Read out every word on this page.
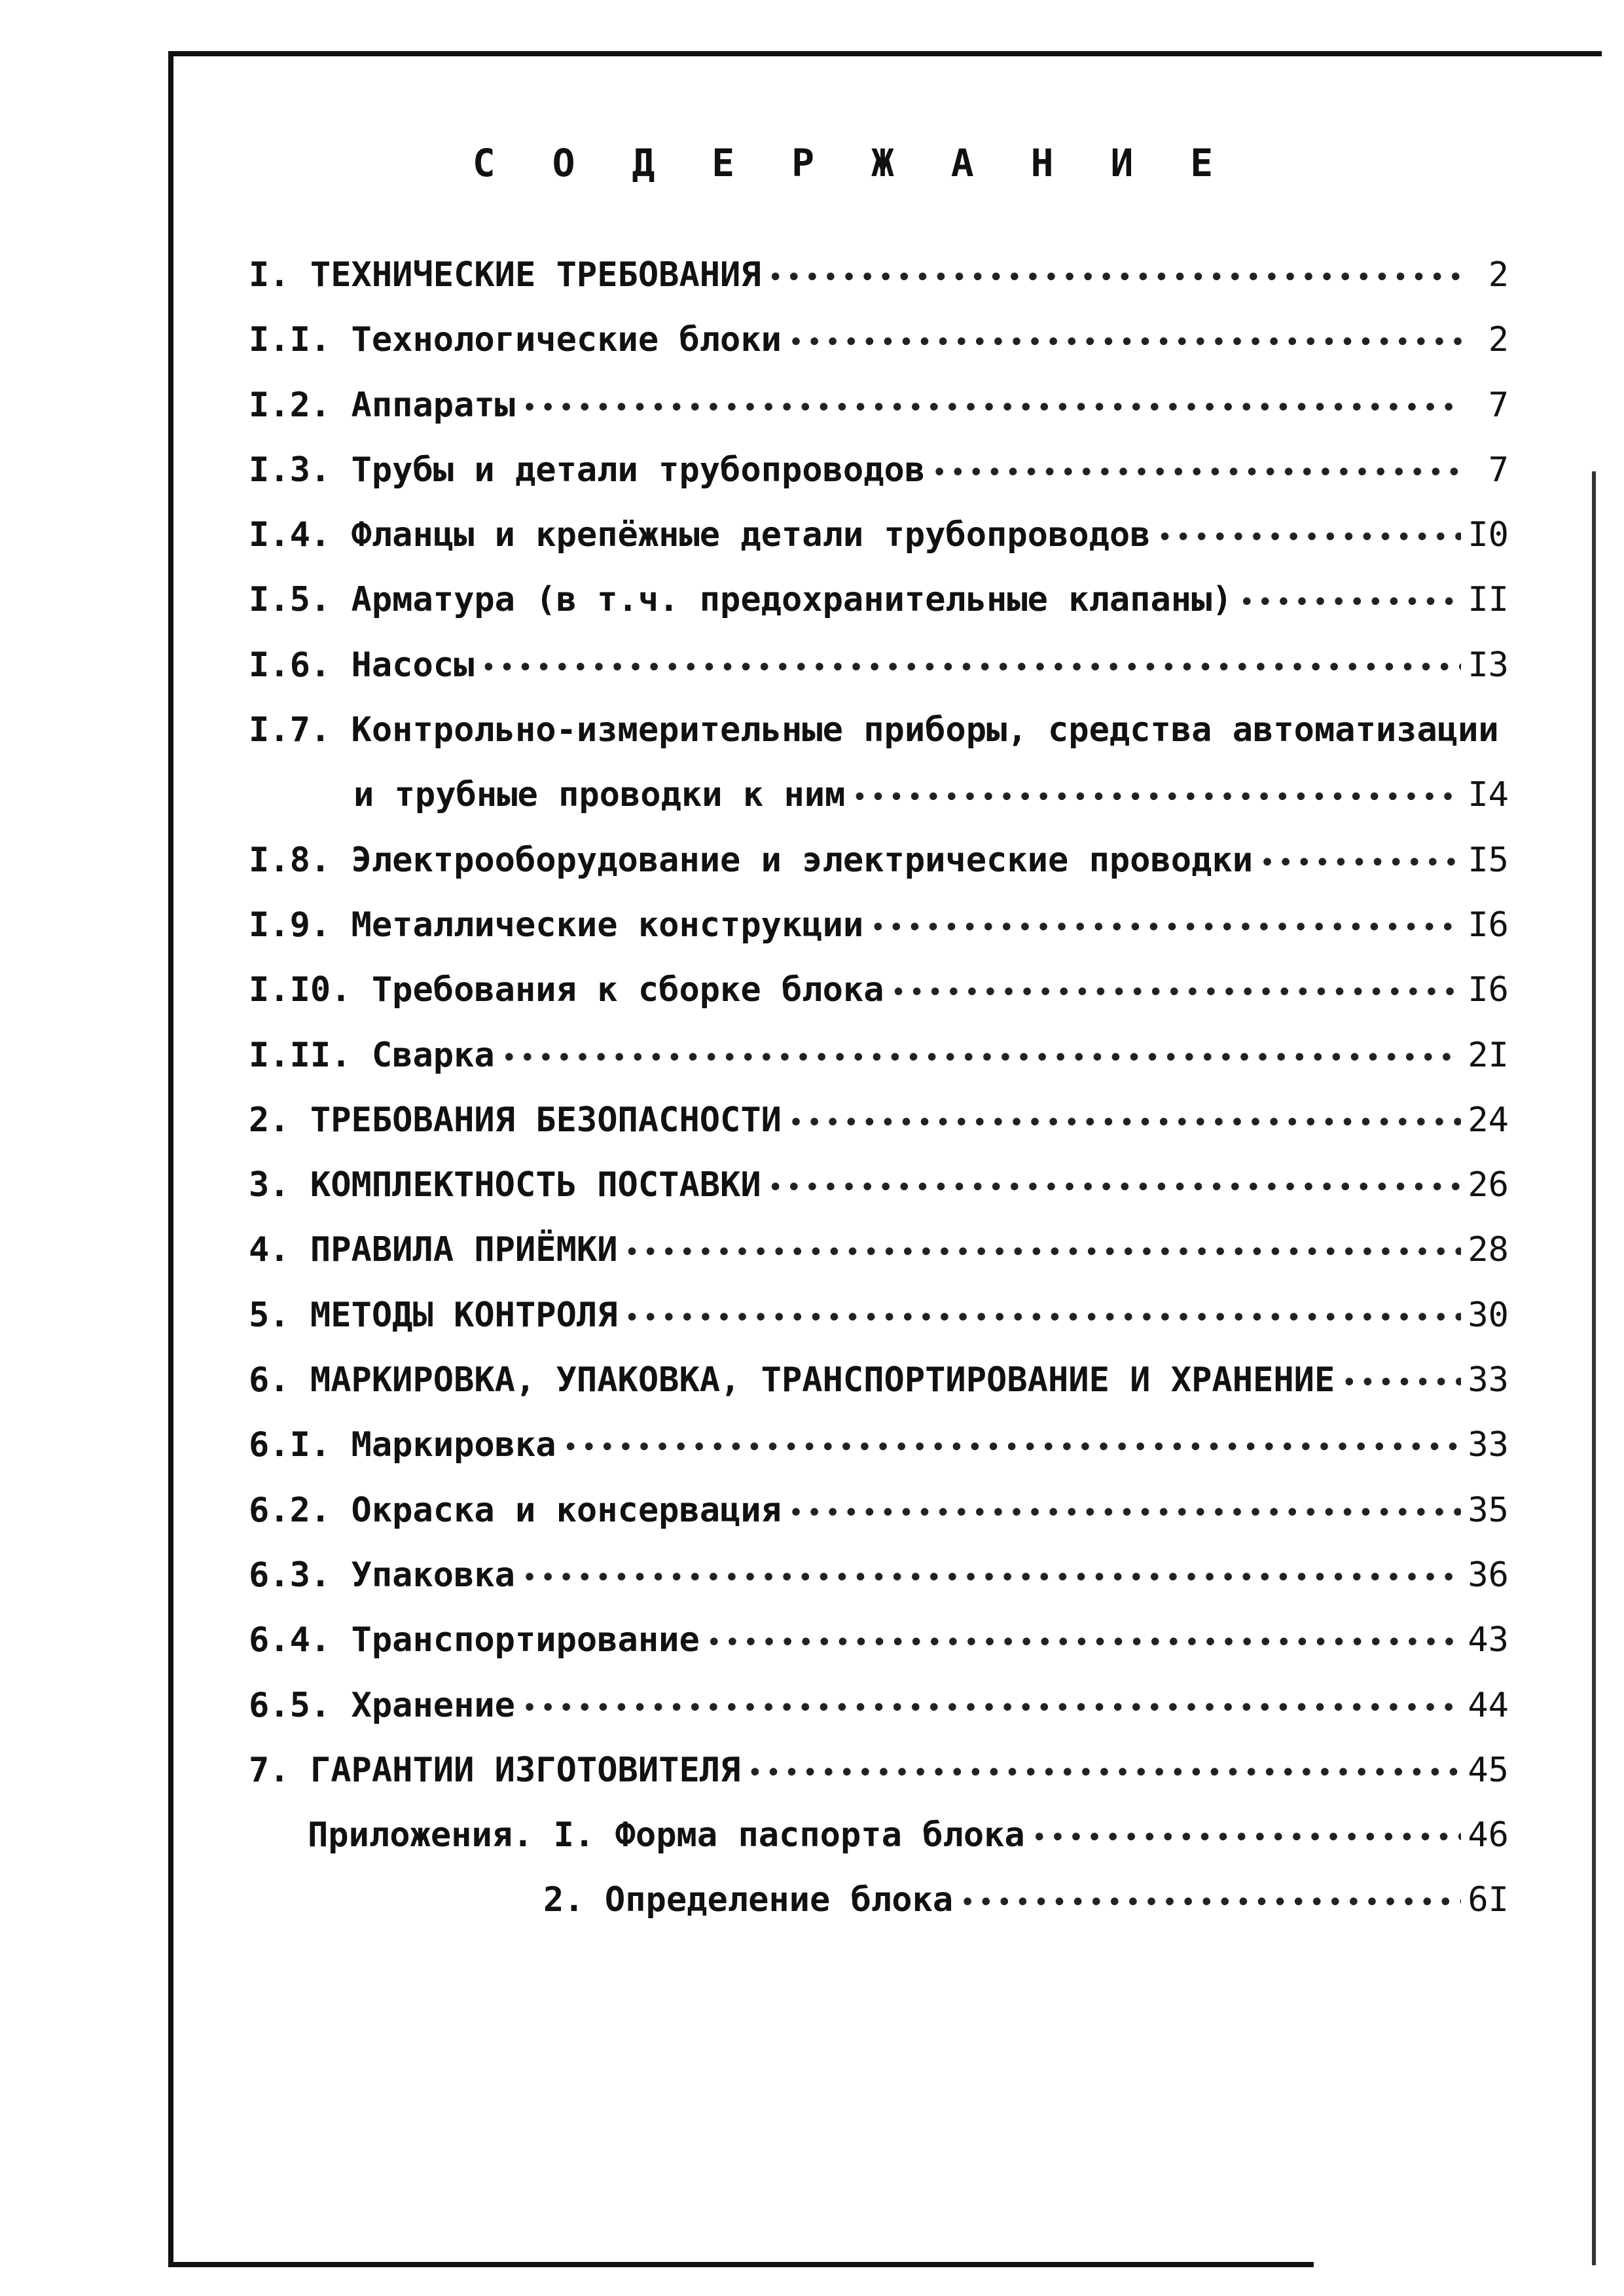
С О Д Е Р Ж А Н И Е
I. ТЕХНИЧЕСКИЕ ТРЕБОВАНИЯ •••••	2
I.I. Технологические блоки •••••	2
I.2. Аппараты •••••	7
I.3. Трубы и детали трубопроводов •••••	7
I.4. Фланцы и крепёжные детали трубопроводов •••••	I0
I.5. Арматура (в т.ч. предохранительные клапаны) •••••	II
I.6. Насосы •••••	I3
I.7. Контрольно-измерительные приборы, средства автоматизации
и трубные проводки к ним •••••	I4
I.8. Электрооборудование и электрические проводки •••••	I5
I.9. Металлические конструкции •••••	I6
I.I0. Требования к сборке блока •••••	I6
I.II. Сварка •••••	2I
2. ТРЕБОВАНИЯ БЕЗОПАСНОСТИ •••••	24
3. КОМПЛЕКТНОСТЬ ПОСТАВКИ •••••	26
4. ПРАВИЛА ПРИЁМКИ •••••	28
5. МЕТОДЫ КОНТРОЛЯ •••••	30
6. МАРКИРОВКА, УПАКОВКА, ТРАНСПОРТИРОВАНИЕ И ХРАНЕНИЕ •••••	33
6.I. Маркировка •••••	33
6.2. Окраска и консервация •••••	35
6.3. Упаковка •••••	36
6.4. Транспортирование •••••	43
6.5. Хранение •••••	44
7. ГАРАНТИИ ИЗГОТОВИТЕЛЯ •••••	45
Приложения. I. Форма паспорта блока •••••	46
2. Определение блока •••••	6I
